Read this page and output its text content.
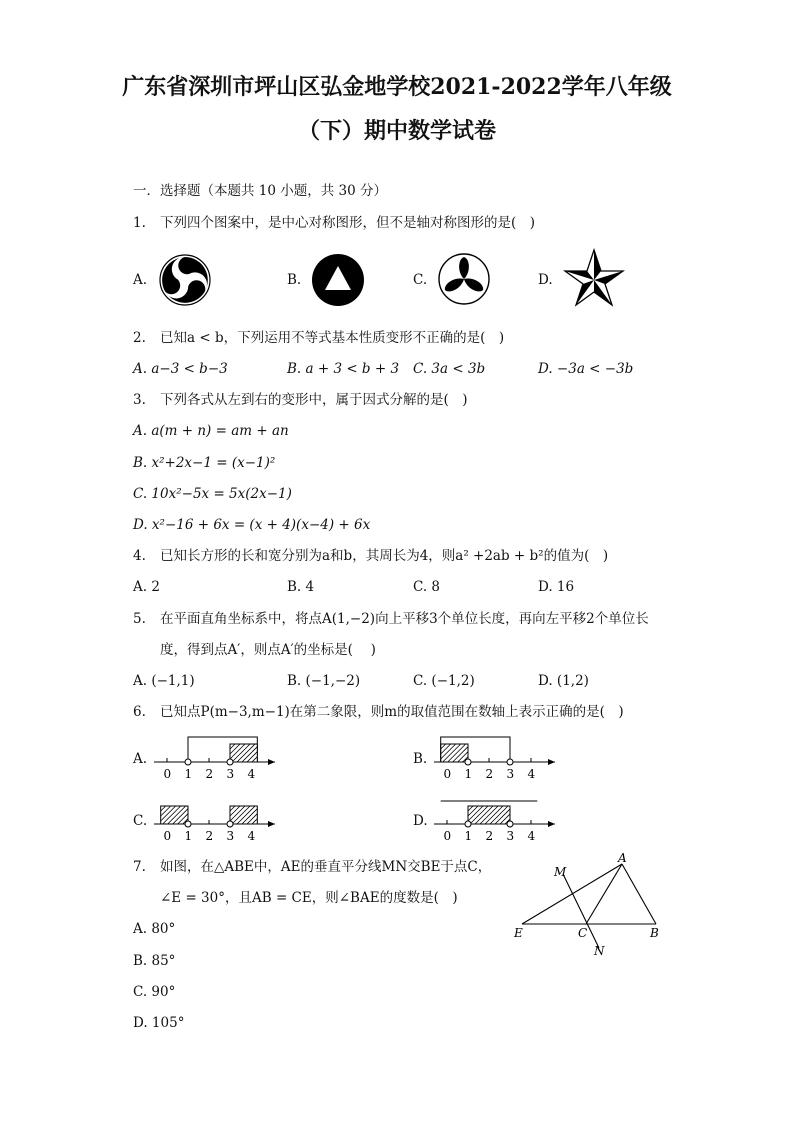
广东省深圳市坪山区弘金地学校2021-2022学年八年级
（下）期中数学试卷
一．选择题（本题共 10 小题，共 30 分）
1. 下列四个图案中，是中心对称图形，但不是轴对称图形的是(　)
A.	B.	C.	D.
2. 已知a < b，下列运用不等式基本性质变形不正确的是(　)
A. a−3 < b−3	B. a + 3 < b + 3 C. 3a < 3b	D. −3a < −3b
3. 下列各式从左到右的变形中，属于因式分解的是(　)
A. a(m + n) = am + an
B. x²+2x−1 = (x−1)²
C. 10x²−5x = 5x(2x−1)
D. x²−16 + 6x = (x + 4)(x−4) + 6x
4. 已知长方形的长和宽分别为a和b，其周长为4，则a² +2ab + b²的值为(　)
A. 2	B. 4	C. 8	D. 16
5. 在平面直角坐标系中，将点A(1,−2)向上平移3个单位长度，再向左平移2个单位长
度，得到点A′，则点A′的坐标是(　 )
A. (−1,1)	B. (−1,−2)	C. (−1,2)	D. (1,2)
6. 已知点P(m−3,m−1)在第二象限，则m的取值范围在数轴上表示正确的是(　)
A.	B.
C.	D.
0 1 2 3 4	0 1 2 3 4
0 1 2 3 4	0 1 2 3 4
7. 如图，在△ABE中，AE的垂直平分线MN交BE于点C，
∠E = 30°，且AB = CE，则∠BAE的度数是(　)
A. 80°
B. 85°
C. 90°
D. 105°
A
B
C
E
M
N
